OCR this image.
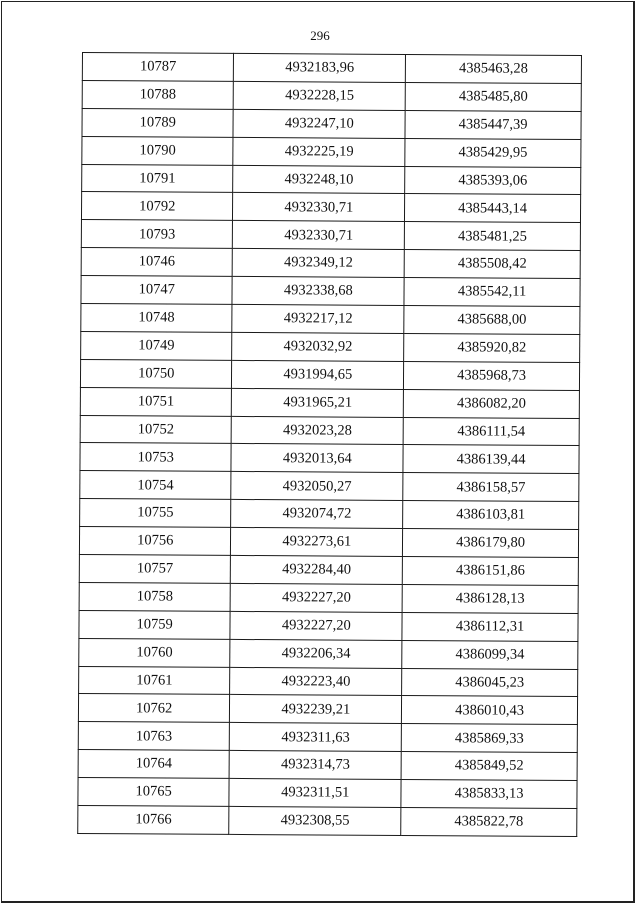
296
10787	4932183,96	4385463,28
10788	4932228,15	4385485,80
10789	4932247,10	4385447,39
10790	4932225,19	4385429,95
10791	4932248,10	4385393,06
10792	4932330,71	4385443,14
10793	4932330,71	4385481,25
10746	4932349,12	4385508,42
10747	4932338,68	4385542,11
10748	4932217,12	4385688,00
10749	4932032,92	4385920,82
10750	4931994,65	4385968,73
10751	4931965,21	4386082,20
10752	4932023,28	4386111,54
10753	4932013,64	4386139,44
10754	4932050,27	4386158,57
10755	4932074,72	4386103,81
10756	4932273,61	4386179,80
10757	4932284,40	4386151,86
10758	4932227,20	4386128,13
10759	4932227,20	4386112,31
10760	4932206,34	4386099,34
10761	4932223,40	4386045,23
10762	4932239,21	4386010,43
10763	4932311,63	4385869,33
10764	4932314,73	4385849,52
10765	4932311,51	4385833,13
10766	4932308,55	4385822,78
